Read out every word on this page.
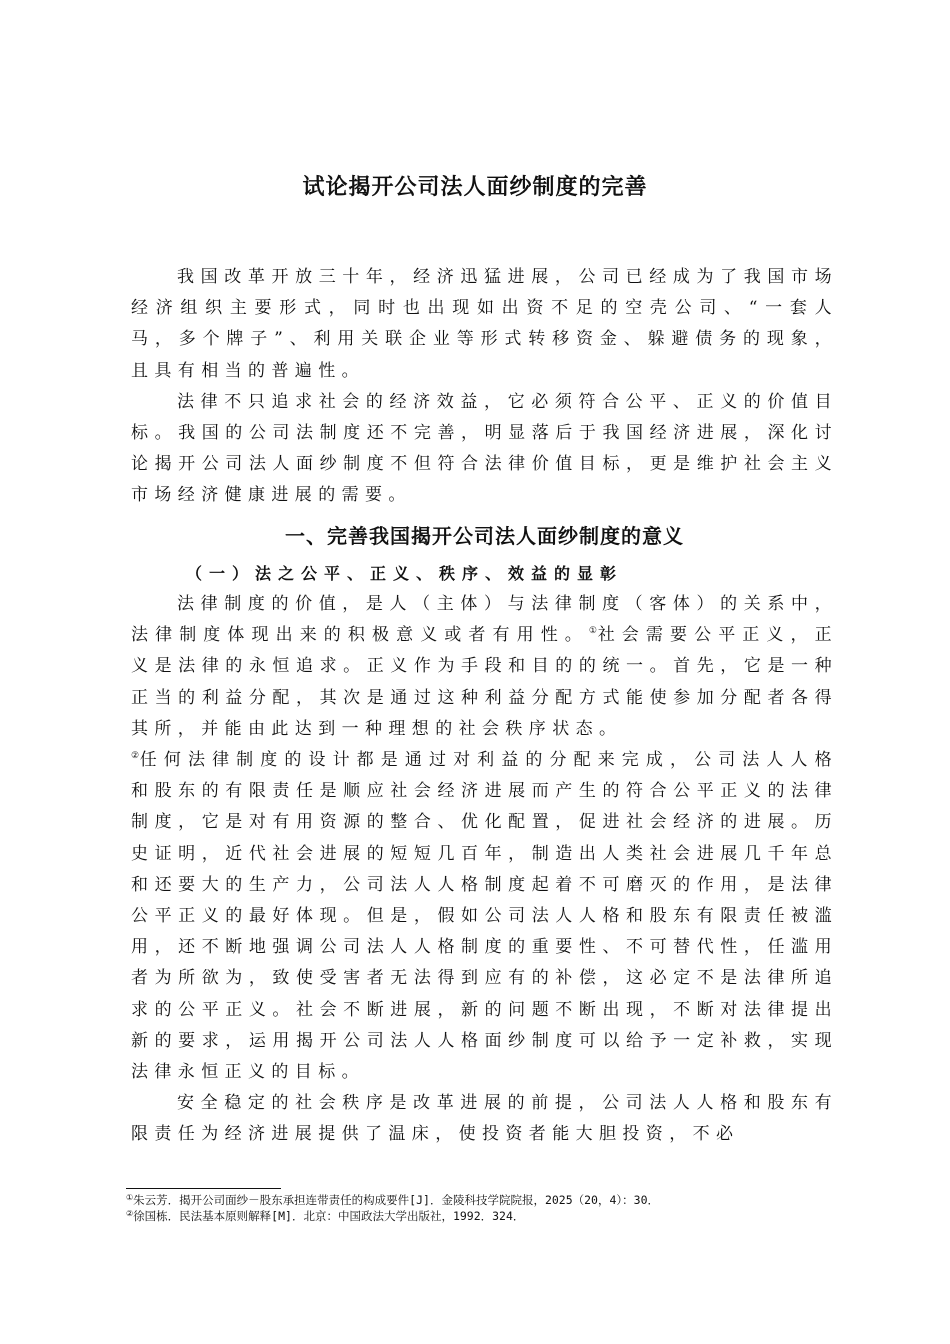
试论揭开公司法人面纱制度的完善

我国改革开放三十年，经济迅猛进展，公司已经成为了我国市场经济组织主要形式，同时也出现如出资不足的空壳公司、“一套人马，多个牌子”、利用关联企业等形式转移资金、躲避债务的现象，且具有相当的普遍性。

法律不只追求社会的经济效益，它必须符合公平、正义的价值目标。我国的公司法制度还不完善，明显落后于我国经济进展，深化讨论揭开公司法人面纱制度不但符合法律价值目标，更是维护社会主义市场经济健康进展的需要。

一、完善我国揭开公司法人面纱制度的意义
（一）法之公平、正义、秩序、效益的显彰

法律制度的价值，是人（主体）与法律制度（客体）的关系中，法律制度体现出来的积极意义或者有用性。①社会需要公平正义，正义是法律的永恒追求。正义作为手段和目的的统一。首先，它是一种正当的利益分配，其次是通过这种利益分配方式能使参加分配者各得其所，并能由此达到一种理想的社会秩序状态。
②任何法律制度的设计都是通过对利益的分配来完成，公司法人人格和股东的有限责任是顺应社会经济进展而产生的符合公平正义的法律制度，它是对有用资源的整合、优化配置，促进社会经济的进展。历史证明，近代社会进展的短短几百年，制造出人类社会进展几千年总和还要大的生产力，公司法人人格制度起着不可磨灭的作用，是法律公平正义的最好体现。但是，假如公司法人人格和股东有限责任被滥用，还不断地强调公司法人人格制度的重要性、不可替代性，任滥用者为所欲为，致使受害者无法得到应有的补偿，这必定不是法律所追求的公平正义。社会不断进展，新的问题不断出现，不断对法律提出新的要求，运用揭开公司法人人格面纱制度可以给予一定补救，实现法律永恒正义的目标。

安全稳定的社会秩序是改革进展的前提，公司法人人格和股东有限责任为经济进展提供了温床，使投资者能大胆投资，不必

①朱云芳．揭开公司面纱－股东承担连带责任的构成要件[J]．金陵科技学院院报，2025（20，4）：30．
②徐国栋．民法基本原则解释[M]．北京：中国政法大学出版社，1992．324．
